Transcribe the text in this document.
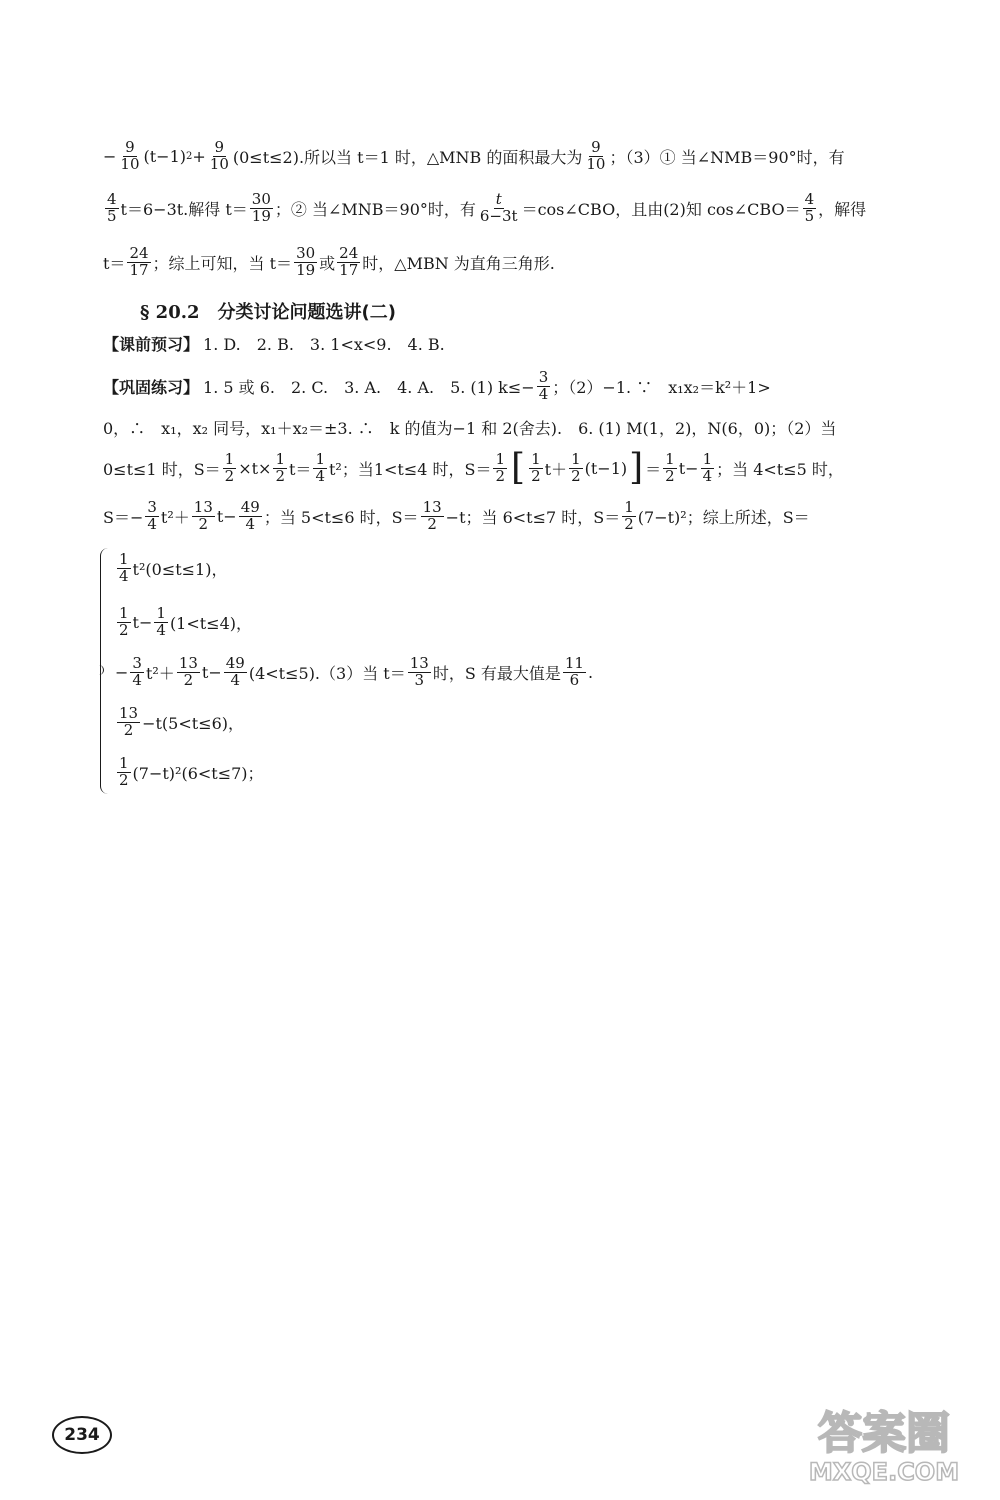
− $\frac{9}{10} (t-1) 2 + \frac{9}{10} (0\le t\le 2)$.所以当 t＝1 时，△MNB 的面积最大为 $\frac{9}{10}$ ；（3）① 当∠NMB＝90°时，有
$\frac{4}{5} t=6-3t$.解得 $t= \frac{30}{19}$ ；② 当∠MNB＝90°时，有 $\frac{t}{6-3t}$ ＝cos∠CBO，且由(2)知 cos∠CBO＝ $\frac{4}{5}$ ，解得
$t= \frac{24}{17}$ ；综上可知，当 $t= \frac{30}{19}$ 或 $\frac{24}{17}$ 时，△MBN 为直角三角形.
§ 20.2 分类讨论问题选讲(二)
【课前预习】 1. D.　2. B.　3. 1<x<9.　4. B.
【巩固练习】 1. 5 或 6.　2. C.　3. A.　4. A.　5. (1) $k\le- \frac{3}{4}$ ；（2）−1. ∵　x₁x₂＝k²＋1>
0，∴　x₁，x₂ 同号，x₁＋x₂＝±3. ∴　k 的值为−1 和 2(舍去).　6. (1) M(1，2)，N(6，0)；（2）当
0≤t≤1 时，$S= \frac{1}{2} \times t\times \frac{1}{2} t= \frac{1}{4} t^2$；当1<t≤4 时，$S= \frac{1}{2}$ [ $\frac{1}{2} t+ \frac{1}{2} (t-1)$ ] ＝ $\frac{1}{2} t- \frac{1}{4}$ ；当 4<t≤5 时，
$S=- \frac{3}{4} t^2+ \frac{13}{2} t- \frac{49}{4}$ ；当 5<t≤6 时，$S= \frac{13}{2} -t$；当 6<t≤7 时，$S= \frac{1}{2} (7-t)^2$；综上所述，S＝
$\frac{1}{4} t^2(0\le t\le 1)$，
$\frac{1}{2} t- \frac{1}{4} (1<t\le 4)$，
− $\frac{3}{4} t^2+ \frac{13}{2} t- \frac{49}{4} (4<t\le 5).(3)$当 $t= \frac{13}{3}$ 时，S 有最大值是 $\frac{11}{6}$ .
$\frac{13}{2} -t(5<t\le 6)$，
$\frac{1}{2} (7-t)^2(6<t\le 7)$；
234	答案圈
MXQE.COM
